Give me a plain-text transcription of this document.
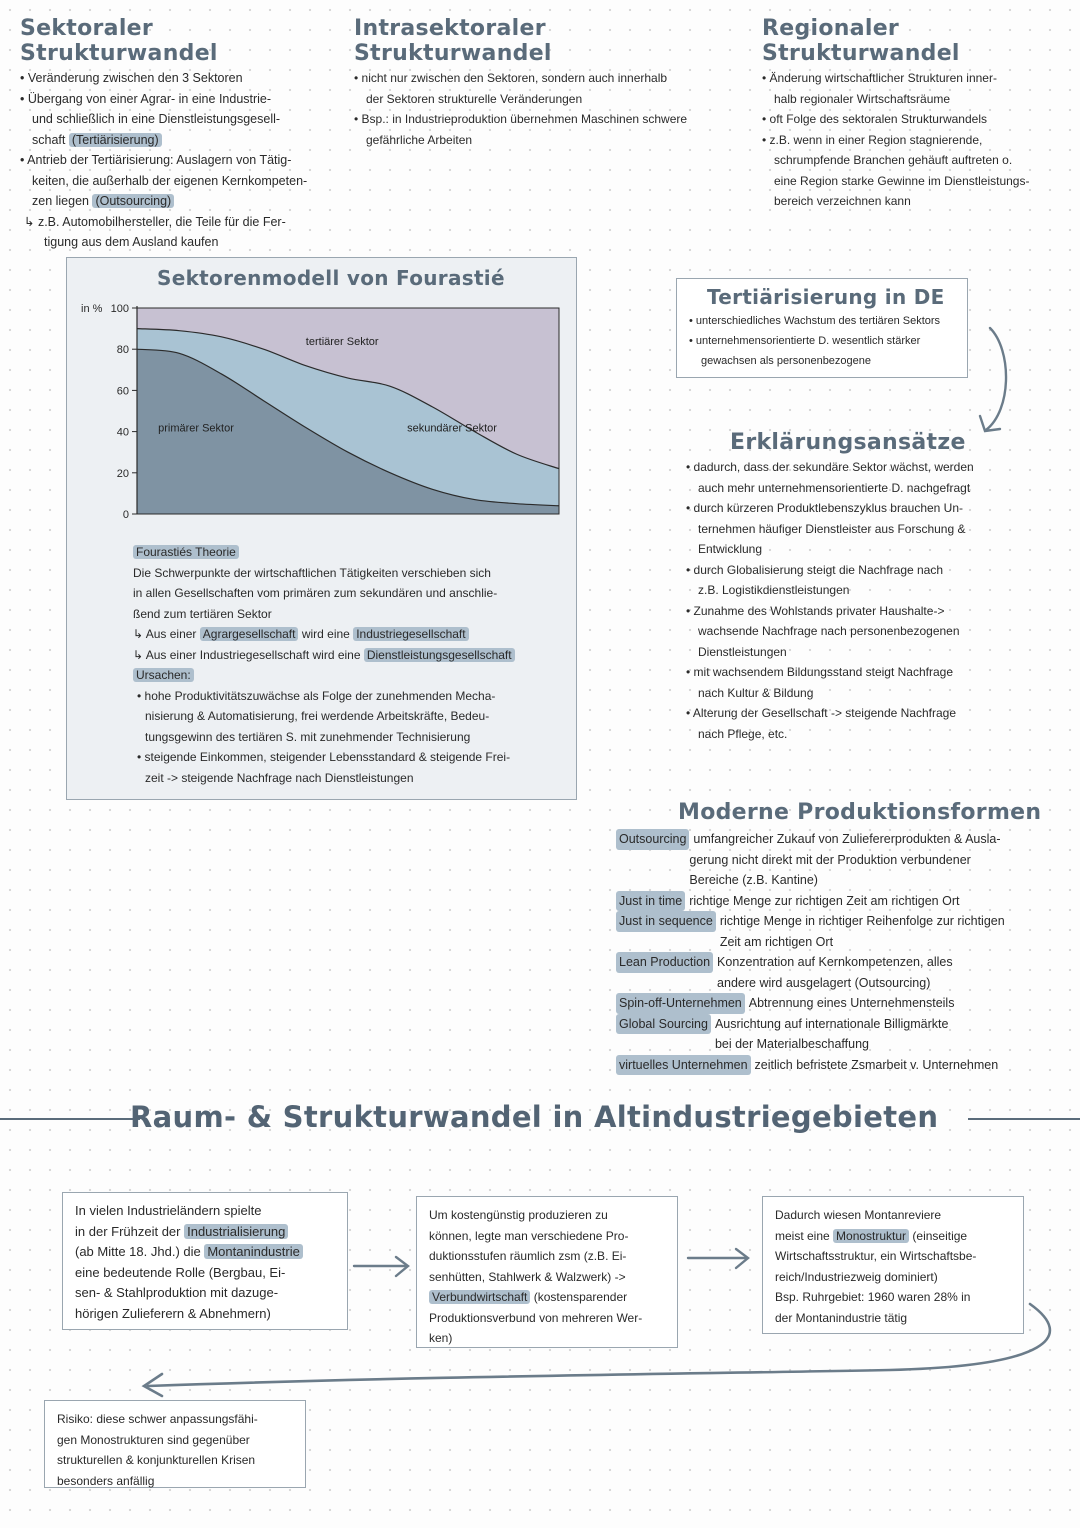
Sektoraler Strukturwandel

• Veränderung zwischen den 3 Sektoren

• Übergang von einer Agrar- in eine Industrie-

und schließlich in eine Dienstleistungsgesell-

schaft (Tertiärisierung)

• Antrieb der Tertiärisierung: Auslagern von Tätig-

keiten, die außerhalb der eigenen Kernkompeten-

zen liegen (Outsourcing)

↳ z.B. Automobilhersteller, die Teile für die Fer-

tigung aus dem Ausland kaufen

Intrasektoraler Strukturwandel

• nicht nur zwischen den Sektoren, sondern auch innerhalb

der Sektoren strukturelle Veränderungen

• Bsp.: in Industrieproduktion übernehmen Maschinen schwere

gefährliche Arbeiten

Regionaler Strukturwandel

• Änderung wirtschaftlicher Strukturen inner-

halb regionaler Wirtschaftsräume

• oft Folge des sektoralen Strukturwandels

• z.B. wenn in einer Region stagnierende,

schrumpfende Branchen gehäuft auftreten o.

eine Region starke Gewinne im Dienstleistungs-

bereich verzeichnen kann

Sektorenmodell von Fourastié
0
20
40
60
80
100
in %
primärer Sektor	sekundärer Sektor
tertiärer Sektor

Fourastiés Theorie

Die Schwerpunkte der wirtschaftlichen Tätigkeiten verschieben sich

in allen Gesellschaften vom primären zum sekundären und anschlie-

ßend zum tertiären Sektor

↳ Aus einer Agrargesellschaft wird eine Industriegesellschaft

↳ Aus einer Industriegesellschaft wird eine Dienstleistungsgesellschaft

Ursachen:

• hohe Produktivitätszuwächse als Folge der zunehmenden Mecha-

nisierung & Automatisierung, frei werdende Arbeitskräfte, Bedeu-

tungsgewinn des tertiären S. mit zunehmender Technisierung

• steigende Einkommen, steigender Lebensstandard & steigende Frei-

zeit -> steigende Nachfrage nach Dienstleistungen

Tertiärisierung in DE

• unterschiedliches Wachstum des tertiären Sektors

• unternehmensorientierte D. wesentlich stärker

gewachsen als personenbezogene

Erklärungsansätze

• dadurch, dass der sekundäre Sektor wächst, werden

auch mehr unternehmensorientierte D. nachgefragt

• durch kürzeren Produktlebenszyklus brauchen Un-

ternehmen häufiger Dienstleister aus Forschung &

Entwicklung

• durch Globalisierung steigt die Nachfrage nach

z.B. Logistikdienstleistungen

• Zunahme des Wohlstands privater Haushalte->

wachsende Nachfrage nach personenbezogenen

Dienstleistungen

• mit wachsendem Bildungsstand steigt Nachfrage

nach Kultur & Bildung

• Alterung der Gesellschaft -> steigende Nachfrage

nach Pflege, etc.

Moderne Produktionsformen
Outsourcing umfangreicher Zukauf von Zuliefererprodukten & Ausla-
gerung nicht direkt mit der Produktion verbundener
Bereiche (z.B. Kantine)
Just in time richtige Menge zur richtigen Zeit am richtigen Ort
Just in sequence richtige Menge in richtiger Reihenfolge zur richtigen
Zeit am richtigen Ort
Lean Production Konzentration auf Kernkompetenzen, alles
andere wird ausgelagert (Outsourcing)
Spin-off-Unternehmen Abtrennung eines Unternehmensteils
Global Sourcing Ausrichtung auf internationale Billigmärkte
bei der Materialbeschaffung
virtuelles Unternehmen zeitlich befristete Zsmarbeit v. Unternehmen
Raum- & Strukturwandel in Altindustriegebieten

In vielen Industrieländern spielte

in der Frühzeit der Industrialisierung

(ab Mitte 18. Jhd.) die Montanindustrie

eine bedeutende Rolle (Bergbau, Ei-

sen- & Stahlproduktion mit dazuge-

hörigen Zulieferern & Abnehmern)

Um kostengünstig produzieren zu

können, legte man verschiedene Pro-

duktionsstufen räumlich zsm (z.B. Ei-

senhütten, Stahlwerk & Walzwerk) ->

Verbundwirtschaft (kostensparender

Produktionsverbund von mehreren Wer-

ken)

Dadurch wiesen Montanreviere

meist eine Monostruktur (einseitige

Wirtschaftsstruktur, ein Wirtschaftsbe-

reich/Industriezweig dominiert)

Bsp. Ruhrgebiet: 1960 waren 28% in

der Montanindustrie tätig

Risiko: diese schwer anpassungsfähi-

gen Monostrukturen sind gegenüber

strukturellen & konjunkturellen Krisen

besonders anfällig
